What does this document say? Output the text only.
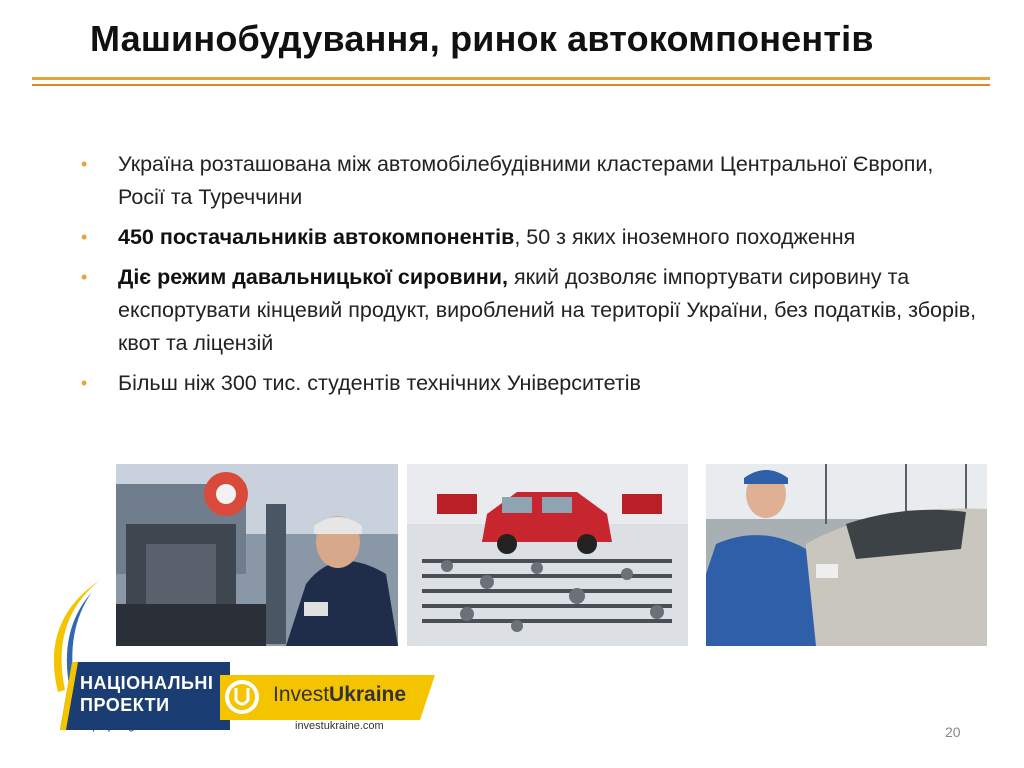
Машинобудування, ринок автокомпонентів
• Україна розташована між автомобілебудівними кластерами Центральної Європи, Росії та Туреччини
• 450 постачальників автокомпонентів, 50 з яких іноземного походження
• Діє режим давальницької сировини, який дозволяє імпортувати сировину та експортувати кінцевий продукт, вироблений на території України, без податків, зборів, квот та ліцензій
• Більш ніж 300 тис. студентів технічних Університетів
НАЦІОНАЛЬНІ
ПРОЕКТИ
ukrproject.gov.ua
InvestUkraine
investukraine.com	20
